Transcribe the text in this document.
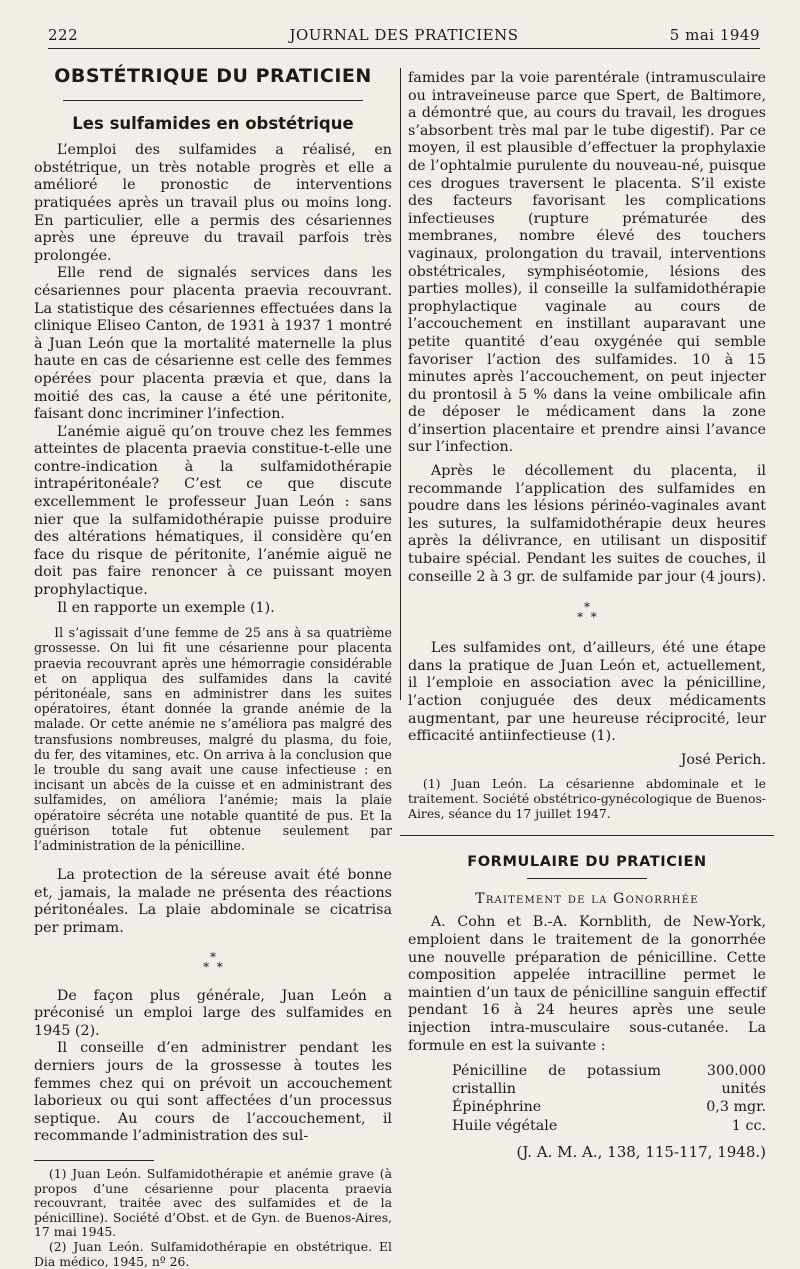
222	JOURNAL DES PRATICIENS	5 mai 1949
OBSTÉTRIQUE DU PRATICIEN
Les sulfamides en obstétrique

L’emploi des sulfamides a réalisé, en obstétrique, un très notable progrès et elle a amélioré le pronostic de interventions pratiquées après un travail plus ou moins long. En particulier, elle a permis des césariennes après une épreuve du travail parfois très prolongée.

Elle rend de signalés services dans les césariennes pour placenta praevia recouvrant. La statistique des césariennes effectuées dans la clinique Eliseo Canton, de 1931 à 1937 1 montré à Juan Leόn que la mortalité maternelle la plus haute en cas de césarienne est celle des femmes opérées pour placenta prævia et que, dans la moitié des cas, la cause a été une péritonite, faisant donc incriminer l’infection.

L’anémie aiguë qu’on trouve chez les femmes atteintes de placenta praevia constitue-t-elle une contre-indication à la sulfamidothérapie intrapéritonéale? C’est ce que discute excellemment le professeur Juan Leόn : sans nier que la sulfamidothérapie puisse produire des altérations hématiques, il considère qu’en face du risque de péritonite, l’anémie aiguë ne doit pas faire renoncer à ce puissant moyen prophylactique.

Il en rapporte un exemple (1).

Il s’agissait d’une femme de 25 ans à sa quatrième grossesse. On lui fit une césarienne pour placenta praevia recouvrant après une hémorragie considérable et on appliqua des sulfamides dans la cavité péritonéale, sans en administrer dans les suites opératoires, étant donnée la grande anémie de la malade. Or cette anémie ne s’améliora pas malgré des transfusions nombreuses, malgré du plasma, du foie, du fer, des vitamines, etc. On arriva à la conclusion que le trouble du sang avait une cause infectieuse : en incisant un abcès de la cuisse et en administrant des sulfamides, on améliora l’anémie; mais la plaie opératoire sécréta une notable quantité de pus. Et la guérison totale fut obtenue seulement par l’administration de la pénicilline.

La protection de la séreuse avait été bonne et, jamais, la malade ne présenta des réactions péritonéales. La plaie abdominale se cicatrisa per primam.

*
*  *

De façon plus générale, Juan Leόn a préconisé un emploi large des sulfamides en 1945 (2).

Il conseille d’en administrer pendant les derniers jours de la grossesse à toutes les femmes chez qui on prévoit un accouchement laborieux ou qui sont affectées d’un processus septique. Au cours de l’accouchement, il recommande l’administration des sul-

(1) Juan Leόn. Sulfamidothérapie et anémie grave (à propos d’une césarienne pour placenta praevia recouvrant, traitée avec des sulfamides et de la pénicilline). Société d’Obst. et de Gyn. de Buenos-Aires, 17 mai 1945.

(2) Juan Leόn. Sulfamidothérapie en obstétrique. El Dia médico, 1945, nº 26.

famides par la voie parentérale (intramusculaire ou intraveineuse parce que Spert, de Baltimore, a démontré que, au cours du travail, les drogues s’absorbent très mal par le tube digestif). Par ce moyen, il est plausible d’effectuer la prophylaxie de l’ophtalmie purulente du nouveau-né, puisque ces drogues traversent le placenta. S’il existe des facteurs favorisant les complications infectieuses (rupture prématurée des membranes, nombre élevé des touchers vaginaux, prolongation du travail, interventions obstétricales, symphiséotomie, lésions des parties molles), il conseille la sulfamidothérapie prophylactique vaginale au cours de l’accouchement en instillant auparavant une petite quantité d’eau oxygénée qui semble favoriser l’action des sulfamides. 10 à 15 minutes après l’accouchement, on peut injecter du prontosil à 5 % dans la veine ombilicale afin de déposer le médicament dans la zone d’insertion placentaire et prendre ainsi l’avance sur l’infection.

Après le décollement du placenta, il recommande l’application des sulfamides en poudre dans les lésions périnéo-vaginales avant les sutures, la sulfamidothérapie deux heures après la délivrance, en utilisant un dispositif tubaire spécial. Pendant les suites de couches, il conseille 2 à 3 gr. de sulfamide par jour (4 jours).

*
*  *

Les sulfamides ont, d’ailleurs, été une étape dans la pratique de Juan Leόn et, actuellement, il l’emploie en association avec la pénicilline, l’action conjuguée des deux médicaments augmentant, par une heureuse réciprocité, leur efficacité antiinfectieuse (1).

José Perich.

(1) Juan Leόn. La césarienne abdominale et le traitement. Société obstétrico-gynécologique de Buenos-Aires, séance du 17 juillet 1947.

FORMULAIRE DU PRATICIEN
Traitement de la Gonorrhée

A. Cohn et B.-A. Kornblith, de New-York, emploient dans le traitement de la gonorrhée une nouvelle préparation de pénicilline. Cette composition appelée intracilline permet le maintien d’un taux de pénicilline sanguin effectif pendant 16 à 24 heures après une seule injection intra-musculaire sous-cutanée. La formule en est la suivante :

Pénicilline de potassium cristallin	300.000 unités
Épinéphrine	0,3 mgr.
Huile végétale	1 cc.
(J. A. M. A., 138, 115-117, 1948.)
